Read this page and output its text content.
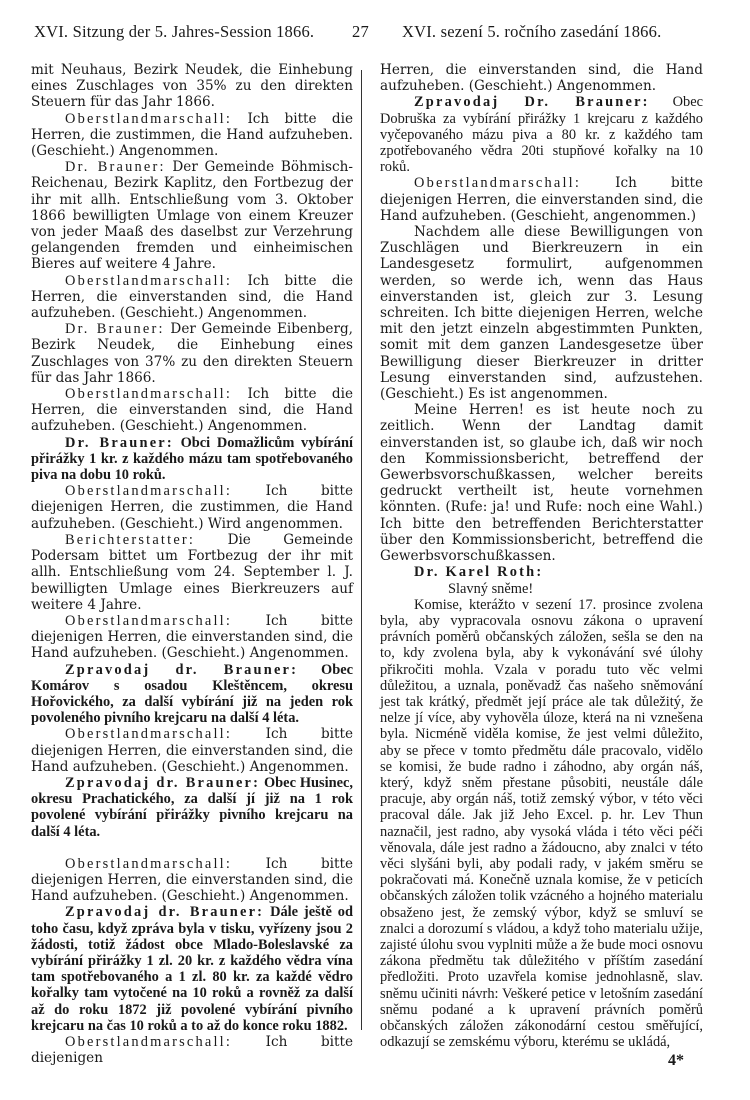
XVI. Sitzung der 5. Jahres-Session 1866. 27 XVI. sezení 5. ročního zasedání 1866.

mit Neuhaus, Bezirk Neudek, die Einhebung eines Zuschlages von 35% zu den direkten Steuern für das Jahr 1866.

Oberstlandmarschall: Ich bitte die Herren, die zustimmen, die Hand aufzuheben. (Geschieht.) Angenommen.

Dr. Brauner: Der Gemeinde Böhmisch-Reichenau, Bezirk Kaplitz, den Fortbezug der ihr mit allh. Entschließung vom 3. Oktober 1866 bewilligten Umlage von einem Kreuzer von jeder Maaß des daselbst zur Verzehrung gelangenden fremden und einheimischen Bieres auf weitere 4 Jahre.

Oberstlandmarschall: Ich bitte die Herren, die einverstanden sind, die Hand aufzuheben. (Geschieht.) Angenommen.

Dr. Brauner: Der Gemeinde Eibenberg, Bezirk Neudek, die Einhebung eines Zuschlages von 37% zu den direkten Steuern für das Jahr 1866.

Oberstlandmarschall: Ich bitte die Herren, die einverstanden sind, die Hand aufzuheben. (Geschieht.) Angenommen.

Dr. Brauner: Obci Domažlicům vybírání přirážky 1 kr. z každého mázu tam spotřebovaného piva na dobu 10 roků.

Oberstlandmarschall: Ich bitte diejenigen Herren, die zustimmen, die Hand aufzuheben. (Geschieht.) Wird angenommen.

Berichterstatter: Die Gemeinde Podersam bittet um Fortbezug der ihr mit allh. Entschließung vom 24. September l. J. bewilligten Umlage eines Bierkreuzers auf weitere 4 Jahre.

Oberstlandmarschall: Ich bitte diejenigen Herren, die einverstanden sind, die Hand aufzuheben. (Geschieht.) Angenommen.

Zpravodaj dr. Brauner: Obec Komárov s osadou Kleštěncem, okresu Hořovického, za další vybírání již na jeden rok povoleného pivního krejcaru na další 4 léta.

Oberstlandmarschall: Ich bitte diejenigen Herren, die einverstanden sind, die Hand aufzuheben. (Geschieht.) Angenommen.

Zpravodaj dr. Brauner: Obec Husinec, okresu Prachatického, za další jí již na 1 rok povolené vybírání přirážky pivního krejcaru na další 4 léta.

Oberstlandmarschall: Ich bitte diejenigen Herren, die einverstanden sind, die Hand aufzuheben. (Geschieht.) Angenommen.

Zpravodaj dr. Brauner: Dále ještě od toho času, když zpráva byla v tisku, vyřízeny jsou 2 žádosti, totiž žádost obce Mlado-Boleslavské za vybírání přirážky 1 zl. 20 kr. z každého vědra vína tam spotřebovaného a 1 zl. 80 kr. za každé vědro kořalky tam vytočené na 10 roků a rovněž za další až do roku 1872 již povolené vybírání pivního krejcaru na čas 10 roků a to až do konce roku 1882.

Oberstlandmarschall: Ich bitte diejenigen

Herren, die einverstanden sind, die Hand aufzuheben. (Geschieht.) Angenommen.

Zpravodaj Dr. Brauner: Obec Dobruška za vybírání přirážky 1 krejcaru z každého vyčepovaného mázu piva a 80 kr. z každého tam zpotřebovaného vědra 20ti stupňové kořalky na 10 roků.

Oberstlandmarschall: Ich bitte diejenigen Herren, die einverstanden sind, die Hand aufzuheben. (Geschieht, angenommen.)

Nachdem alle diese Bewilligungen von Zuschlägen und Bierkreuzern in ein Landesgesetz formulirt, aufgenommen werden, so werde ich, wenn das Haus einverstanden ist, gleich zur 3. Lesung schreiten. Ich bitte diejenigen Herren, welche mit den jetzt einzeln abgestimmten Punkten, somit mit dem ganzen Landesgesetze über Bewilligung dieser Bierkreuzer in dritter Lesung einverstanden sind, aufzustehen. (Geschieht.) Es ist angenommen.

Meine Herren! es ist heute noch zu zeitlich. Wenn der Landtag damit einverstanden ist, so glaube ich, daß wir noch den Kommissionsbericht, betreffend der Gewerbsvorschußkassen, welcher bereits gedruckt vertheilt ist, heute vornehmen könnten. (Rufe: ja! und Rufe: noch eine Wahl.) Ich bitte den betreffenden Berichterstatter über den Kommissionsbericht, betreffend die Gewerbsvorschußkassen.

Dr. Karel Roth:

Slavný sněme!

Komise, kterážto v sezení 17. prosince zvolena byla, aby vypracovala osnovu zákona o upravení právních poměrů občanských záložen, sešla se den na to, kdy zvolena byla, aby k vykonávání své úlohy přikročiti mohla. Vzala v poradu tuto věc velmi důležitou, a uznala, poněvadž čas našeho sněmování jest tak krátký, předmět její práce ale tak důležitý, že nelze jí více, aby vyhověla úloze, která na ni vznešena byla. Nicméně viděla komise, že jest velmi důležito, aby se přece v tomto předmětu dále pracovalo, vidělo se komisi, že bude radno i záhodno, aby orgán náš, který, když sněm přestane působiti, neustále dále pracuje, aby orgán náš, totiž zemský výbor, v této věci pracoval dále. Jak již Jeho Excel. p. hr. Lev Thun naznačil, jest radno, aby vysoká vláda i této věci péči věnovala, dále jest radno a žádoucno, aby znalci v této věci slyšáni byli, aby podali rady, v jakém směru se pokračovati má. Konečně uznala komise, že v peticích občanských záložen tolik vzácného a hojného materialu obsaženo jest, že zemský výbor, když se smluví se znalci a dorozumí s vládou, a když toho materialu užije, zajisté úlohu svou vyplniti může a že bude moci osnovu zákona předmětu tak důležitého v příštím zasedání předložiti. Proto uzavřela komise jednohlasně, slav. sněmu učiniti návrh: Veškeré petice v letošním zasedání sněmu podané a k upravení právních poměrů občanských záložen zákonodární cestou směřující, odkazují se zemskému výboru, kterému se ukládá,

4*
